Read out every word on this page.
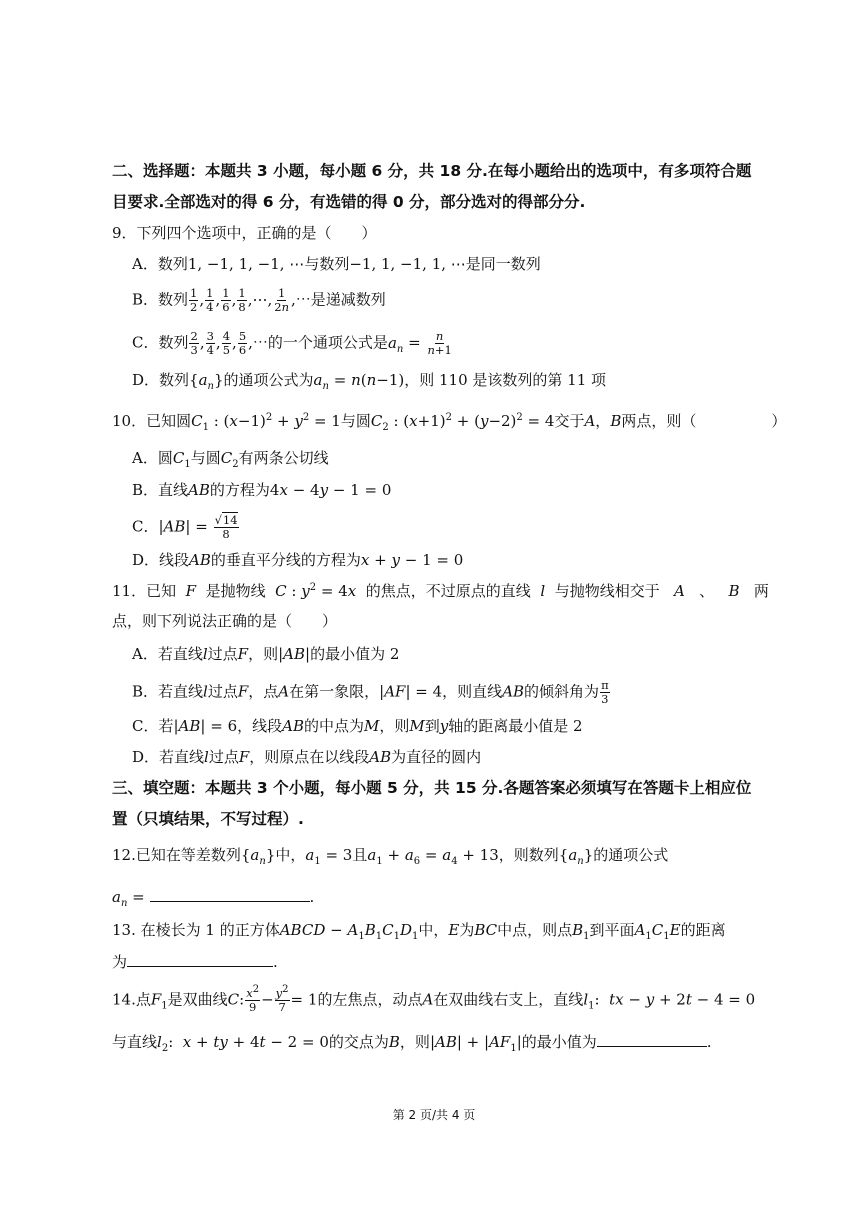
二、选择题：本题共 3 小题，每小题 6 分，共 18 分.在每小题给出的选项中，有多项符合题
目要求.全部选对的得 6 分，有选错的得 0 分，部分选对的得部分分.
9．下列四个选项中，正确的是（　　）
A．数列1, −1, 1, −1, ⋯与数列−1, 1, −1, 1, ⋯是同一数列
B．数列 $\frac{1}{2}$ , $\frac{1}{4}$ , $\frac{1}{6}$ , $\frac{1}{8}$ ,⋯, $\frac{1}{2n}$ ,⋯是递减数列
C．数列 $\frac{2}{3}$ , $\frac{3}{4}$ , $\frac{4}{5}$ , $\frac{5}{6}$ ,⋯的一个通项公式是$a_n = \frac{n}{n+1}$
D．数列$\{a_n\}$的通项公式为$a_n = n(n-1)$，则 110 是该数列的第 11 项
10．已知圆$C_1$ : $(x-1)^2 + y^2 = 1$与圆$C_2$ : $(x+1)^2 + (y-2)^2 = 4$交于A，B两点，则（　　　　　）
A．圆$C_1$与圆$C_2$有两条公切线
B．直线AB的方程为4x − 4y − 1 = 0
C．$|AB| = \frac{√14}{8}$
D．线段AB的垂直平分线的方程为x + y − 1 = 0
11．已知 F 是抛物线 C : $y^2 = 4x$ 的焦点，不过原点的直线 l 与抛物线相交于 A   、   B 两
点，则下列说法正确的是（　　）
A．若直线l过点F，则|AB|的最小值为 2
B．若直线l过点F，点A在第一象限，|AF| = 4，则直线AB的倾斜角为 $\frac{\pi}{3}$
C．若|AB| = 6，线段AB的中点为M，则M到y轴的距离最小值是 2
D．若直线l过点F，则原点在以线段AB为直径的圆内
三、填空题：本题共 3 个小题，每小题 5 分，共 15 分.各题答案必须填写在答题卡上相应位
置（只填结果，不写过程）.
12.已知在等差数列$\{a_n\}$中，$a_1 = 3$且$a_1 + a_6 = a_4 + 13$，则数列$\{a_n\}$的通项公式
$a_n$ =	.
13. 在棱长为 1 的正方体ABCD − $A_1B_1C_1D_1$中，E为BC中点，则点$B_1$到平面$A_1C_1E$的距离
为	.
14.点$F_1$是双曲线C: $\frac{x^2}{9} - \frac{y^2}{7} = 1$的左焦点，动点A在双曲线右支上，直线$l_1$:  tx − y + 2t − 4 = 0
与直线$l_2$:  x + ty + 4t − 2 = 0的交点为B，则$|AB| + |AF_1|$的最小值为	.
第 2 页/共 4 页
